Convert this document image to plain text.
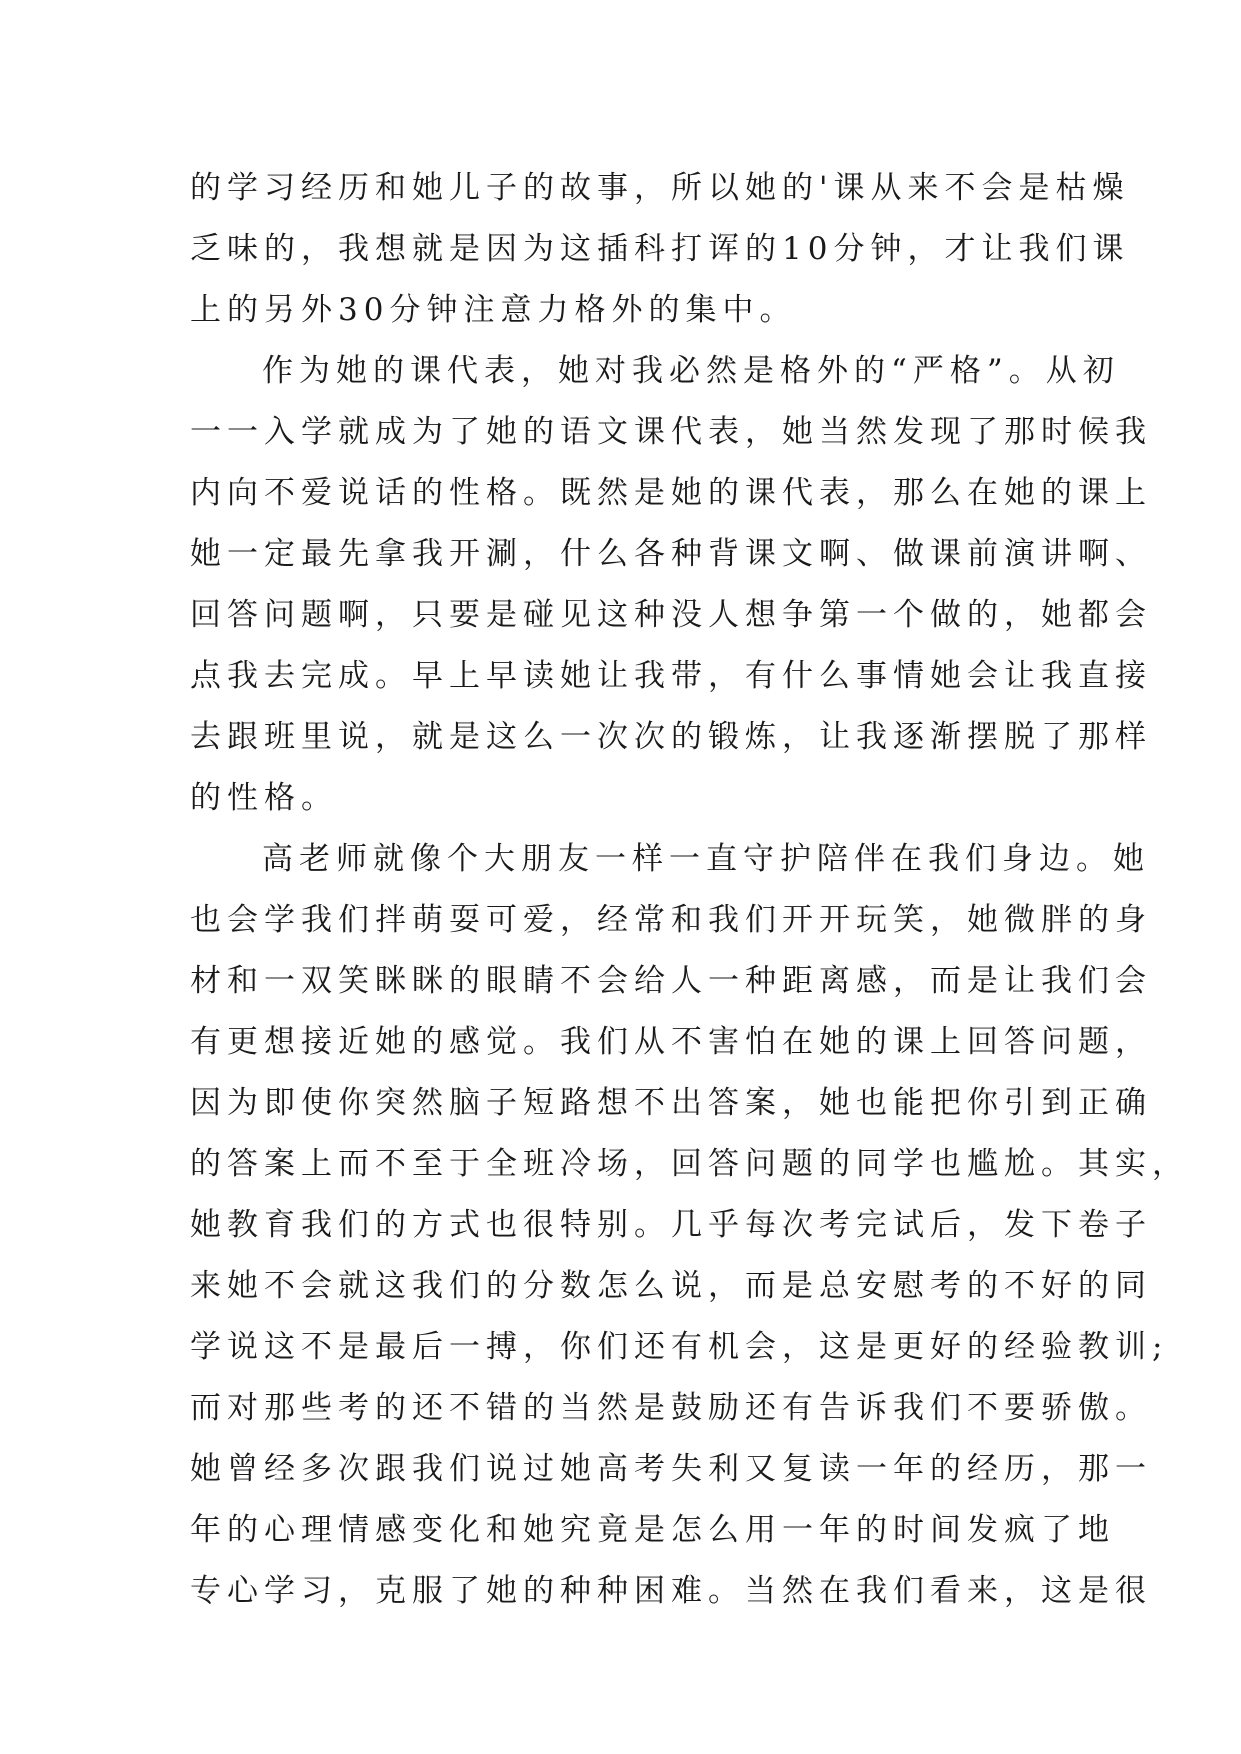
的学习经历和她儿子的故事，所以她的'课从来不会是枯燥
乏味的，我想就是因为这插科打诨的10分钟，才让我们课
上的另外30分钟注意力格外的集中。
作为她的课代表，她对我必然是格外的“严格”。从初
一一入学就成为了她的语文课代表，她当然发现了那时候我
内向不爱说话的性格。既然是她的课代表，那么在她的课上
她一定最先拿我开涮，什么各种背课文啊、做课前演讲啊、
回答问题啊，只要是碰见这种没人想争第一个做的，她都会
点我去完成。早上早读她让我带，有什么事情她会让我直接
去跟班里说，就是这么一次次的锻炼，让我逐渐摆脱了那样
的性格。
高老师就像个大朋友一样一直守护陪伴在我们身边。她
也会学我们拌萌耍可爱，经常和我们开开玩笑，她微胖的身
材和一双笑眯眯的眼睛不会给人一种距离感，而是让我们会
有更想接近她的感觉。我们从不害怕在她的课上回答问题，
因为即使你突然脑子短路想不出答案，她也能把你引到正确
的答案上而不至于全班冷场，回答问题的同学也尴尬。其实，
她教育我们的方式也很特别。几乎每次考完试后，发下卷子
来她不会就这我们的分数怎么说，而是总安慰考的不好的同
学说这不是最后一搏，你们还有机会，这是更好的经验教训;
而对那些考的还不错的当然是鼓励还有告诉我们不要骄傲。
她曾经多次跟我们说过她高考失利又复读一年的经历，那一
年的心理情感变化和她究竟是怎么用一年的时间发疯了地
专心学习，克服了她的种种困难。当然在我们看来，这是很
